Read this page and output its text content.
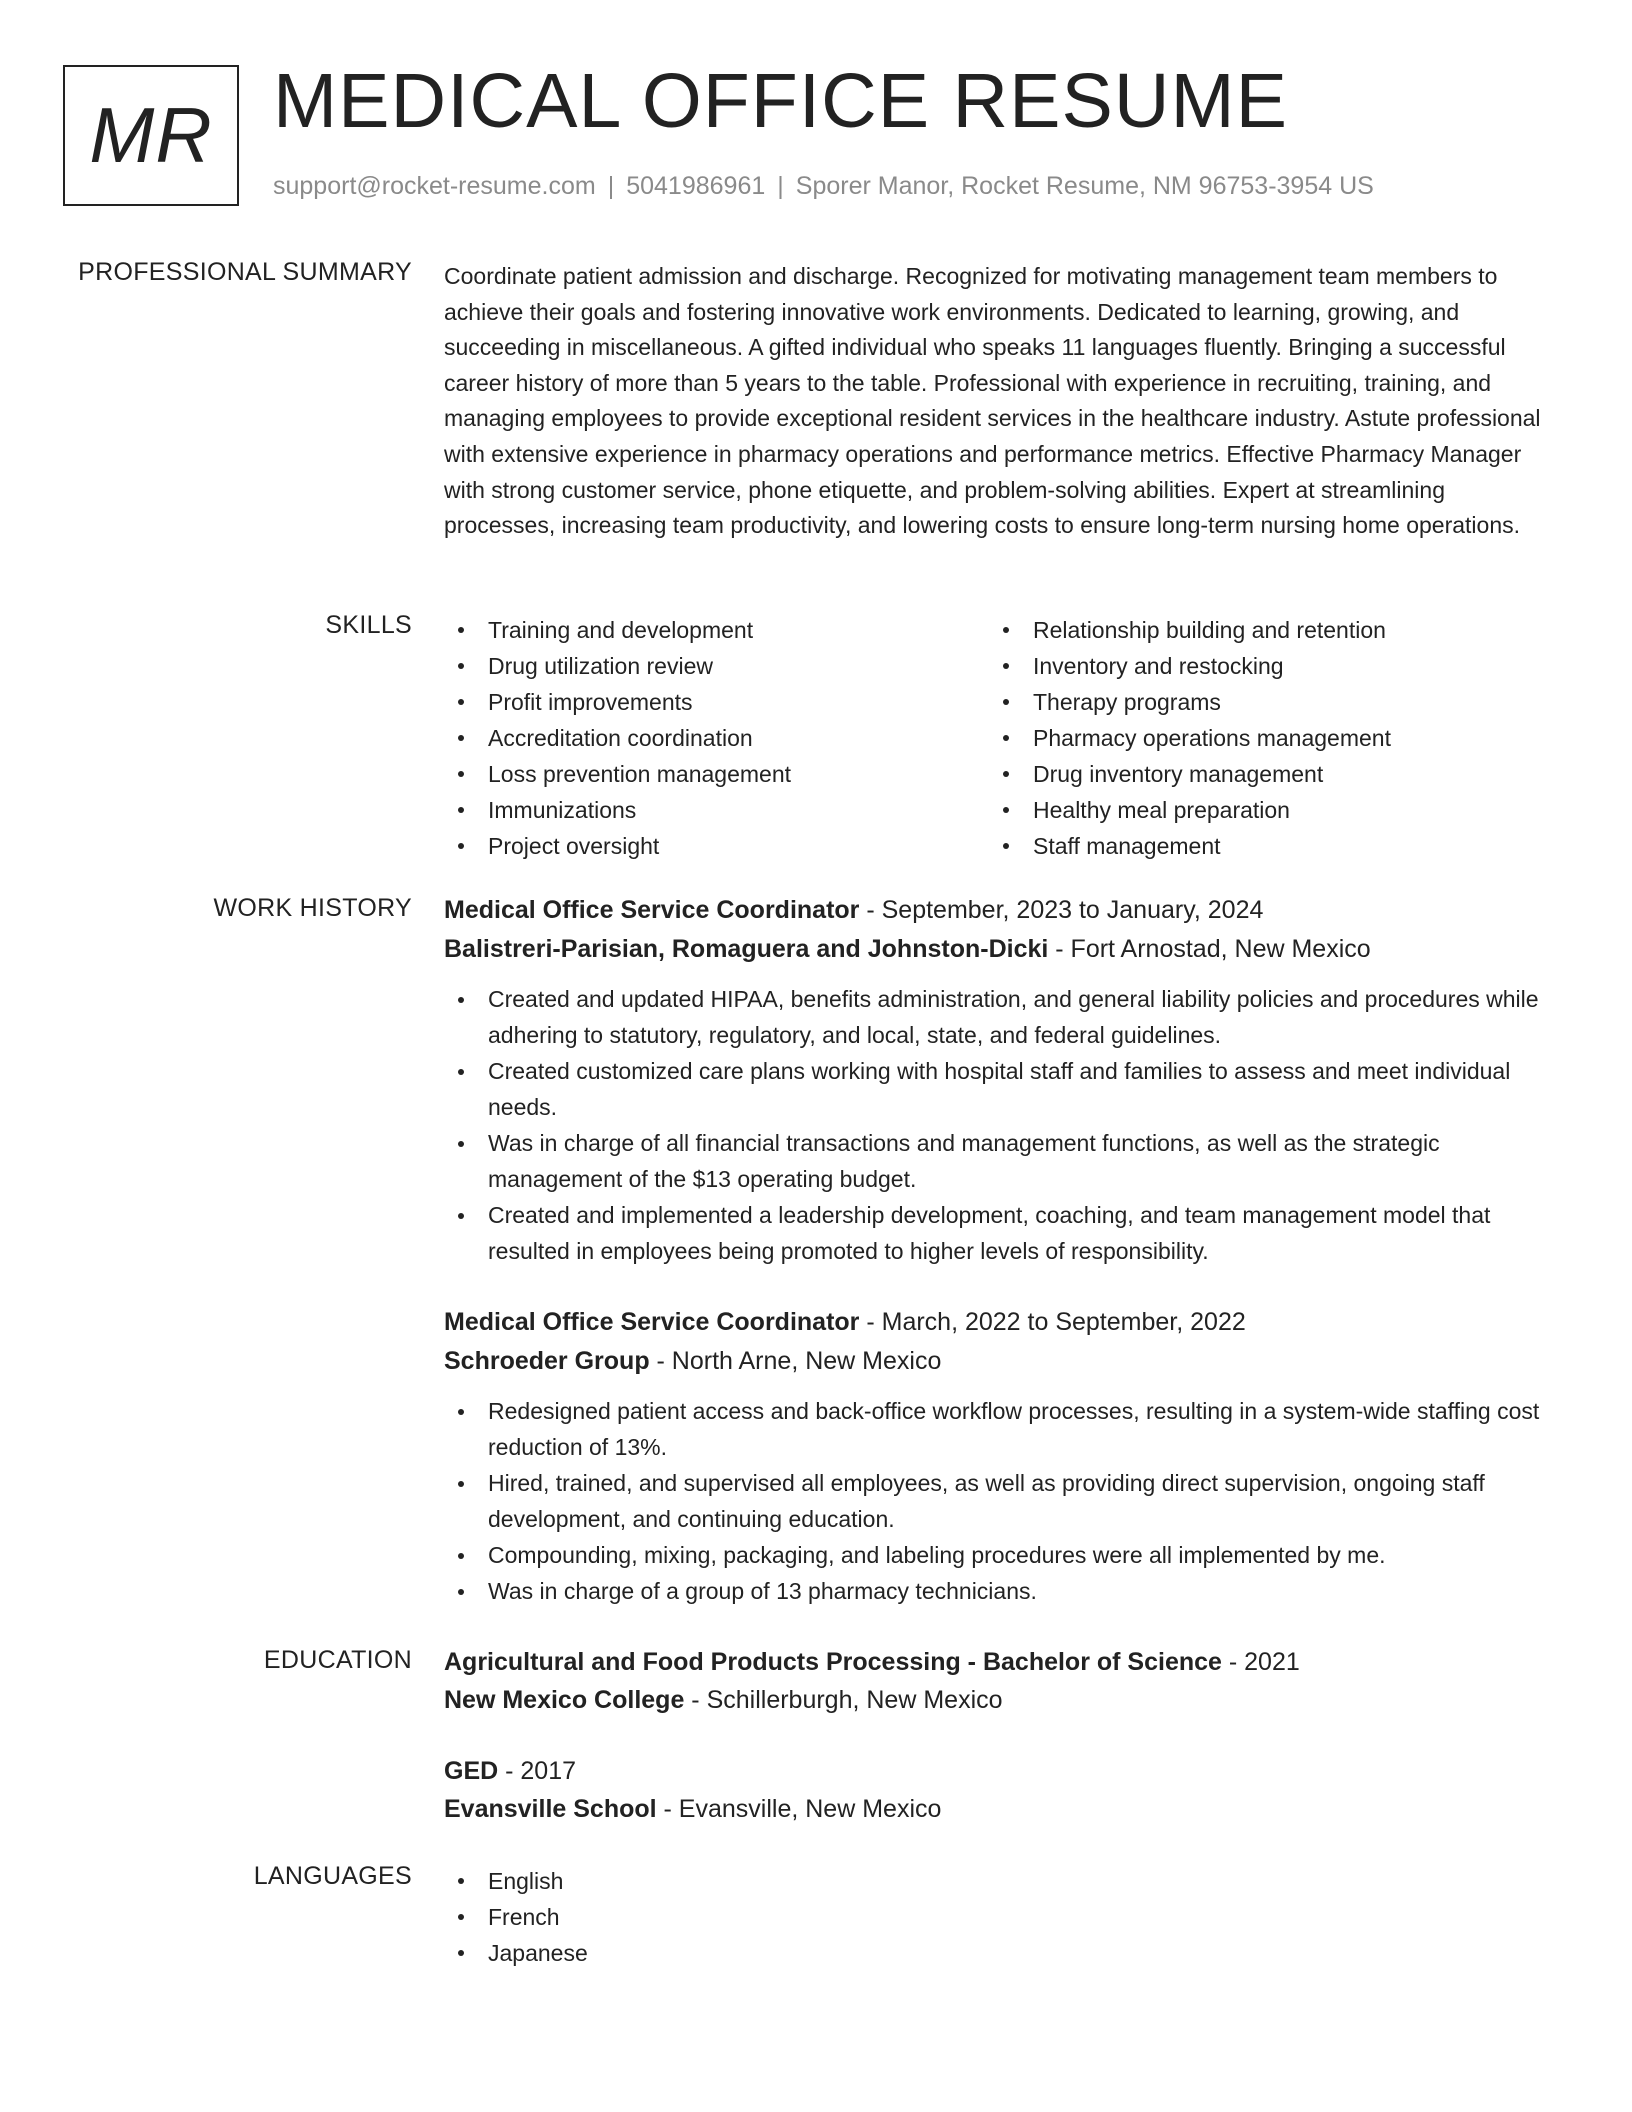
MR MEDICAL OFFICE RESUME
support@rocket-resume.com | 5041986961 | Sporer Manor, Rocket Resume, NM 96753-3954 US
PROFESSIONAL SUMMARY Coordinate patient admission and discharge. Recognized for motivating management team members to achieve their goals and fostering innovative work environments. Dedicated to learning, growing, and succeeding in miscellaneous. A gifted individual who speaks 11 languages fluently. Bringing a successful career history of more than 5 years to the table. Professional with experience in recruiting, training, and managing employees to provide exceptional resident services in the healthcare industry. Astute professional with extensive experience in pharmacy operations and performance metrics. Effective Pharmacy Manager with strong customer service, phone etiquette, and problem-solving abilities. Expert at streamlining processes, increasing team productivity, and lowering costs to ensure long-term nursing home operations.

SKILLS	Training and development
Drug utilization review
Profit improvements
Accreditation coordination
Loss prevention management
Immunizations
Project oversight
Relationship building and retention
Inventory and restocking
Therapy programs
Pharmacy operations management
Drug inventory management
Healthy meal preparation
Staff management
WORK HISTORY Medical Office Service Coordinator - September, 2023 to January, 2024
Balistreri-Parisian, Romaguera and Johnston-Dicki - Fort Arnostad, New Mexico
Created and updated HIPAA, benefits administration, and general liability policies and procedures while adhering to statutory, regulatory, and local, state, and federal guidelines.
Created customized care plans working with hospital staff and families to assess and meet individual needs.
Was in charge of all financial transactions and management functions, as well as the strategic management of the $13 operating budget.
Created and implemented a leadership development, coaching, and team management model that resulted in employees being promoted to higher levels of responsibility.
Medical Office Service Coordinator - March, 2022 to September, 2022
Schroeder Group - North Arne, New Mexico
Redesigned patient access and back-office workflow processes, resulting in a system-wide staffing cost reduction of 13%.
Hired, trained, and supervised all employees, as well as providing direct supervision, ongoing staff development, and continuing education.
Compounding, mixing, packaging, and labeling procedures were all implemented by me.
Was in charge of a group of 13 pharmacy technicians.
EDUCATION Agricultural and Food Products Processing - Bachelor of Science - 2021
New Mexico College - Schillerburgh, New Mexico
GED - 2017
Evansville School - Evansville, New Mexico
LANGUAGES	English
French
Japanese
